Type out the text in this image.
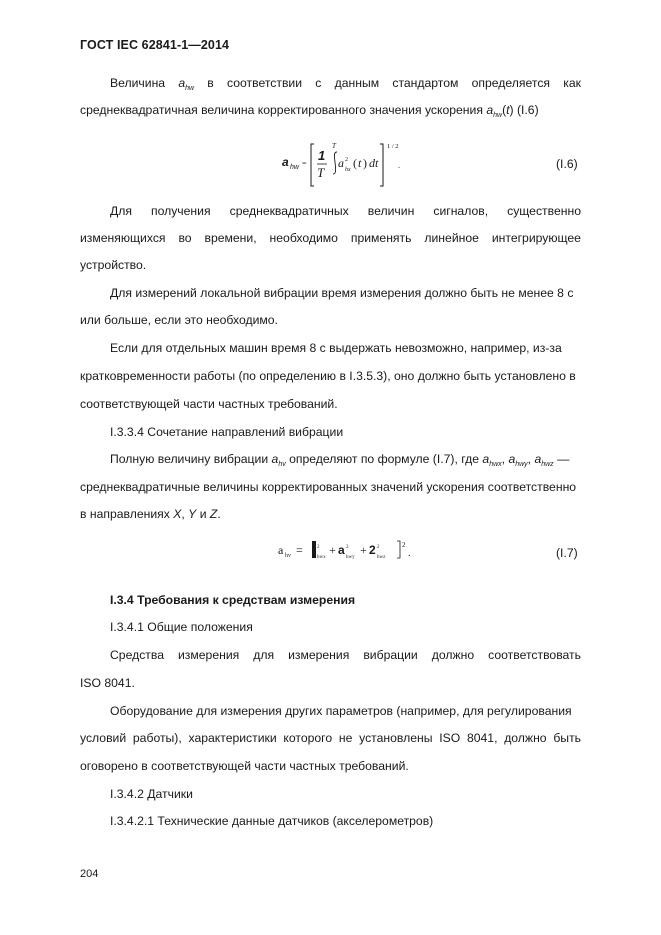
ГОСТ IEC 62841-1—2014
Величина $a_{hw}$ в соответствии с данным стандартом определяется как
среднеквадратичная величина корректированного значения ускорения $a_{hw}(t)$ (I.6)
a hw =
1
T
T
a 2
hx ( t ) dt
1 / 2
.	(I.6)
Для получения среднеквадратичных величин сигналов, существенно
изменяющихся во времени, необходимо применять линейное интегрирующее
устройство.
Для измерений локальной вибрации время измерения должно быть не менее 8 с
или больше, если это необходимо.
Если для отдельных машин время 8 с выдержать невозможно, например, из-за
кратковременности работы (по определению в I.3.5.3), оно должно быть установлено в
соответствующей части частных требований.
I.3.3.4 Сочетание направлений вибрации
Полную величину вибрации $a_{hv}$ определяют по формуле (I.7), где $a_{hwx}$, $a_{hwy}$, $a_{hwz}$ —
среднеквадратичные величины корректированных значений ускорения соответственно
в направлениях X, Y и Z.
a hv =	2
hwx
+ a 2
hwy
+ 2 2
hwz
2
.	(I.7)
I.3.4 Требования к средствам измерения
I.3.4.1 Общие положения
Средства измерения для измерения вибрации должно соответствовать
ISO 8041.
Оборудование для измерения других параметров (например, для регулирования
условий работы), характеристики которого не установлены ISO 8041, должно быть
оговорено в соответствующей части частных требований.
I.3.4.2 Датчики
I.3.4.2.1 Технические данные датчиков (акселерометров)
204
